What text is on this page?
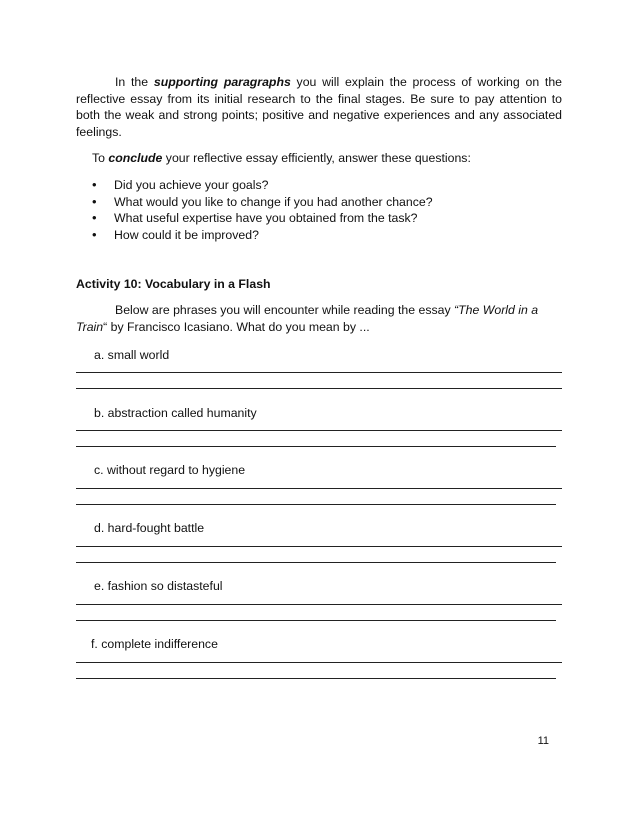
In the supporting paragraphs you will explain the process of working on the reflective essay from its initial research to the final stages. Be sure to pay attention to both the weak and strong points; positive and negative experiences and any associated feelings.
To conclude your reflective essay efficiently, answer these questions:
• Did you achieve your goals?
• What would you like to change if you had another chance?
• What useful expertise have you obtained from the task?
• How could it be improved?
Activity 10: Vocabulary in a Flash
Below are phrases you will encounter while reading the essay “The World in a Train“ by Francisco Icasiano. What do you mean by ...
a. small world
b. abstraction called humanity
c. without regard to hygiene
d. hard-fought battle
e. fashion so distasteful
f. complete indifference
11
